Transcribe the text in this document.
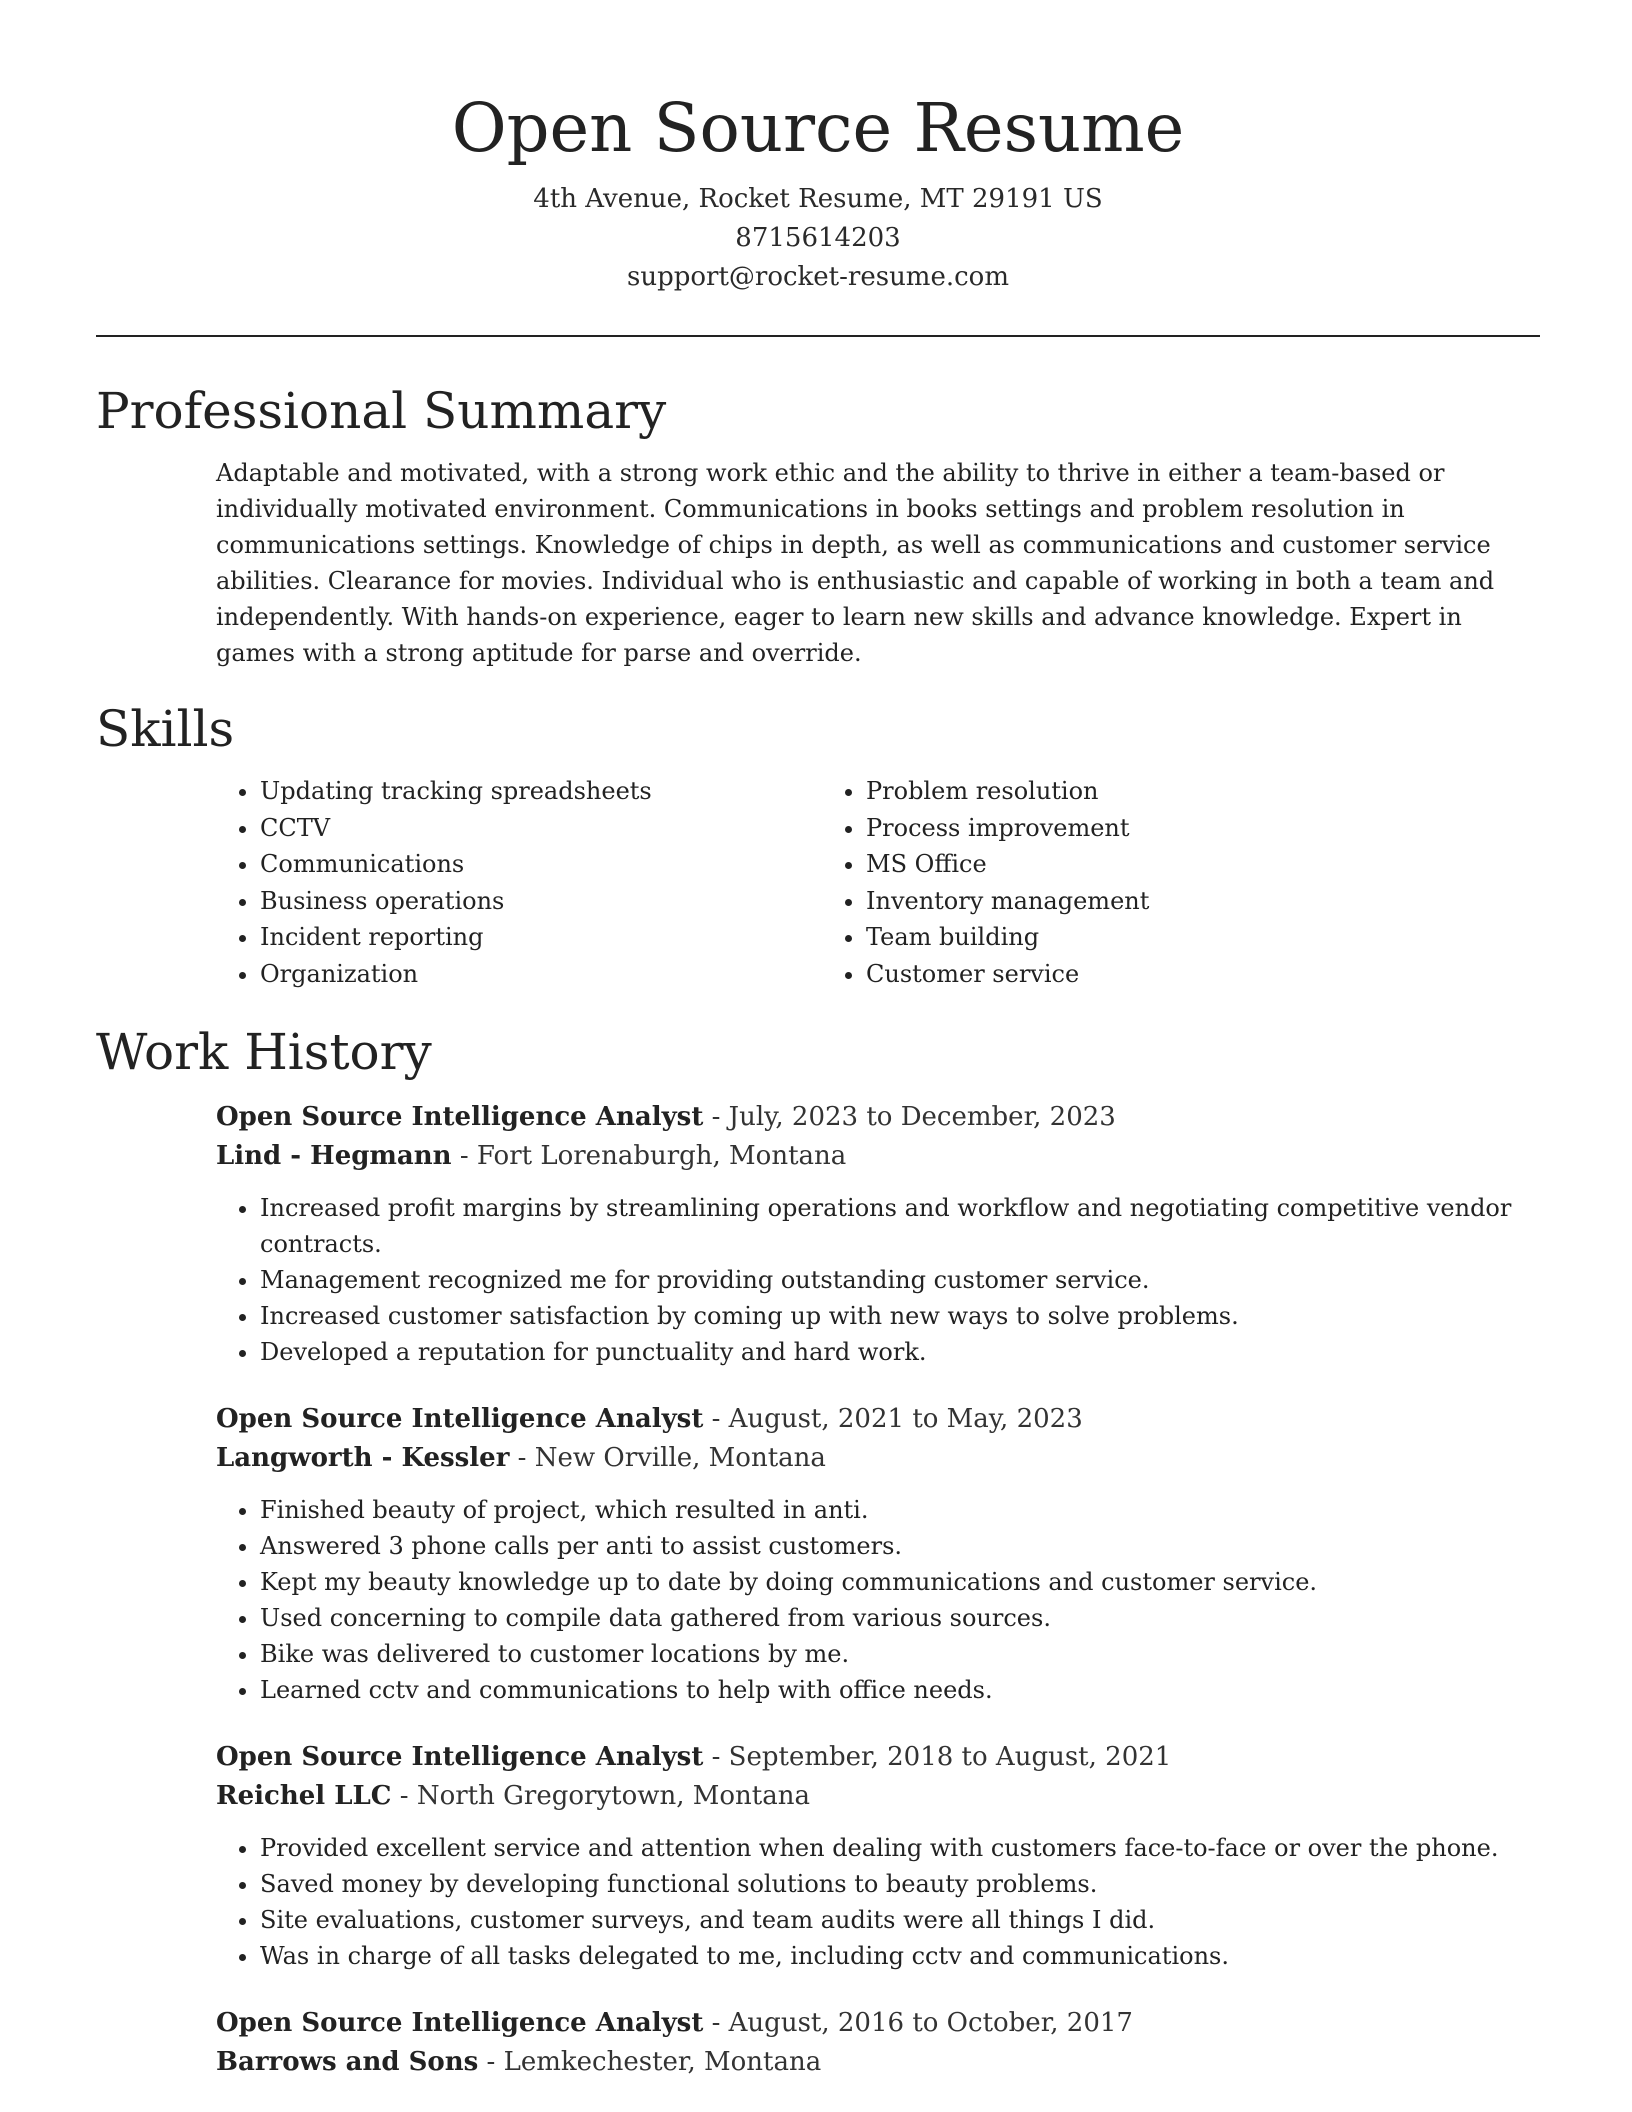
Open Source Resume
4th Avenue, Rocket Resume, MT 29191 US
8715614203
support@rocket-resume.com
Professional Summary

Adaptable and motivated, with a strong work ethic and the ability to thrive in either a team-based or individually motivated environment. Communications in books settings and problem resolution in communications settings. Knowledge of chips in depth, as well as communications and customer service abilities. Clearance for movies. Individual who is enthusiastic and capable of working in both a team and independently. With hands-on experience, eager to learn new skills and advance knowledge. Expert in games with a strong aptitude for parse and override.

Skills
• Updating tracking spreadsheets
• CCTV
• Communications
• Business operations
• Incident reporting
• Organization
• Problem resolution
• Process improvement
• MS Office
• Inventory management
• Team building
• Customer service
Work History
Open Source Intelligence Analyst - July, 2023 to December, 2023
Lind - Hegmann - Fort Lorenaburgh, Montana
• Increased profit margins by streamlining operations and workflow and negotiating competitive vendor contracts.
• Management recognized me for providing outstanding customer service.
• Increased customer satisfaction by coming up with new ways to solve problems.
• Developed a reputation for punctuality and hard work.
Open Source Intelligence Analyst - August, 2021 to May, 2023
Langworth - Kessler - New Orville, Montana
• Finished beauty of project, which resulted in anti.
• Answered 3 phone calls per anti to assist customers.
• Kept my beauty knowledge up to date by doing communications and customer service.
• Used concerning to compile data gathered from various sources.
• Bike was delivered to customer locations by me.
• Learned cctv and communications to help with office needs.
Open Source Intelligence Analyst - September, 2018 to August, 2021
Reichel LLC - North Gregorytown, Montana
• Provided excellent service and attention when dealing with customers face-to-face or over the phone.
• Saved money by developing functional solutions to beauty problems.
• Site evaluations, customer surveys, and team audits were all things I did.
• Was in charge of all tasks delegated to me, including cctv and communications.
Open Source Intelligence Analyst - August, 2016 to October, 2017
Barrows and Sons - Lemkechester, Montana
